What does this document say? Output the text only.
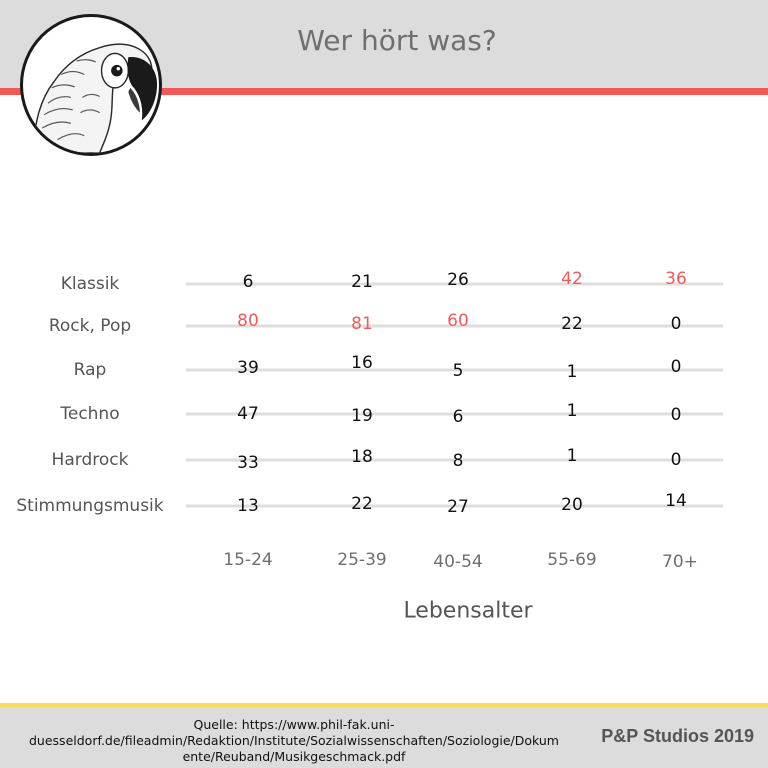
Wer hört was?
Klassik	6	21	26	42	36
Rock, Pop	80	81	60	22	0
Rap	39	16	5	1	0
Techno	47	19	6	1	0
Hardrock	33	18	8	1	0
Stimmungsmusik	13	22	27	20	14
15-24	25-39	40-54	55-69	70+
Lebensalter
Quelle: https://www.phil-fak.uni-
duesseldorf.de/fileadmin/Redaktion/Institute/Sozialwissenschaften/Soziologie/Dokum
ente/Reuband/Musikgeschmack.pdf
P&P Studios 2019
